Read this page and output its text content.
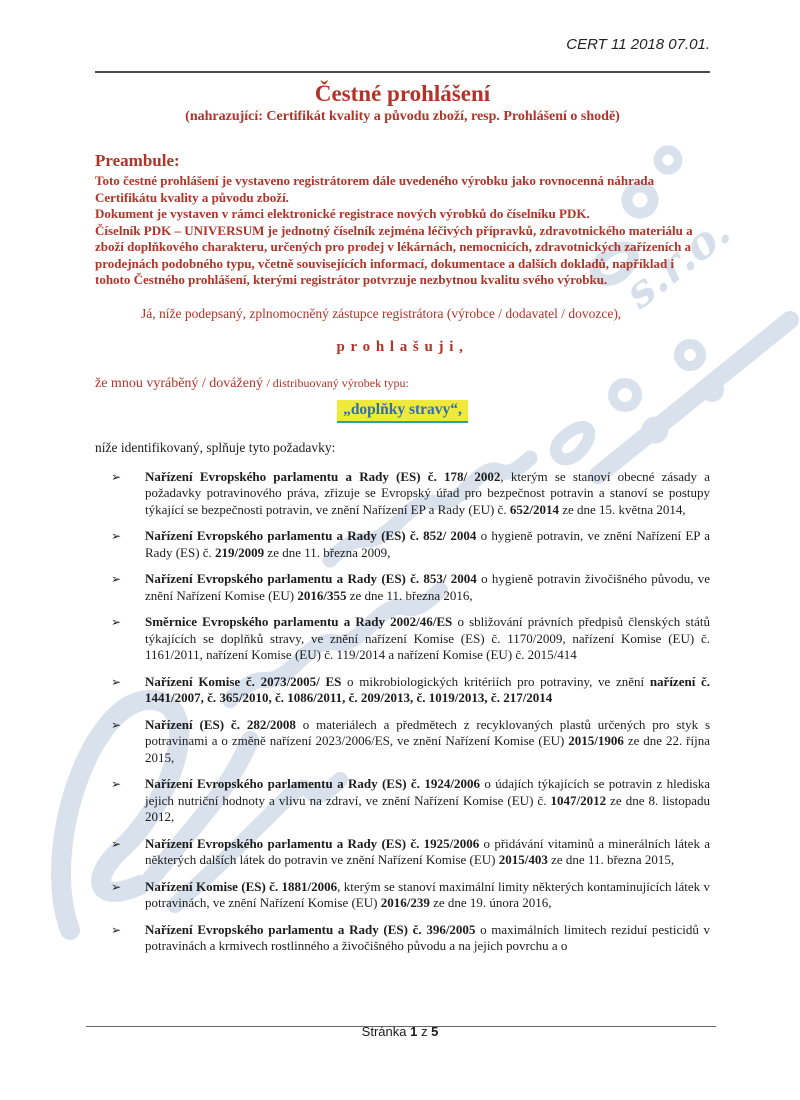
s.r.o.
CERT 11 2018 07.01.
Čestné prohlášení
(nahrazující: Certifikát kvality a původu zboží, resp. Prohlášení o shodě)
Preambule:

Toto čestné prohlášení je vystaveno registrátorem dále uvedeného výrobku jako rovnocenná náhrada Certifikátu kvality a původu zboží.

Dokument je vystaven v rámci elektronické registrace nových výrobků do číselníku PDK.

Číselník PDK – UNIVERSUM je jednotný číselník zejména léčivých přípravků, zdravotnického materiálu a zboží doplňkového charakteru, určených pro prodej v lékárnách, nemocnicích, zdravotnických zařízeních a prodejnách podobného typu, včetně souvisejících informací, dokumentace a dalších dokladů, například i tohoto Čestného prohlášení, kterými registrátor potvrzuje nezbytnou kvalitu svého výrobku.

Já, níže podepsaný, zplnomocněný zástupce registrátora (výrobce / dodavatel / dovozce),
prohlašuji,
že mnou vyráběný / dovážený / distribuovaný výrobek typu:
„doplňky stravy“,
níže identifikovaný, splňuje tyto požadavky:
➢	Nařízení Evropského parlamentu a Rady (ES) č. 178/ 2002, kterým se stanoví obecné zásady a požadavky potravinového práva, zřizuje se Evropský úřad pro bezpečnost potravin a stanoví se postupy týkající se bezpečnosti potravin, ve znění Nařízení EP a Rady (EU) č. 652/2014 ze dne 15. května 2014,
➢	Nařízení Evropského parlamentu a Rady (ES) č. 852/ 2004 o hygieně potravin, ve znění Nařízení EP a Rady (ES) č. 219/2009 ze dne 11. března 2009,
➢	Nařízení Evropského parlamentu a Rady (ES) č. 853/ 2004 o hygieně potravin živočišného původu, ve znění Nařízení Komise (EU) 2016/355 ze dne 11. března 2016,
➢	Směrnice Evropského parlamentu a Rady 2002/46/ES o sbližování právních předpisů členských států týkajících se doplňků stravy, ve znění nařízení Komise (ES) č. 1170/2009, nařízení Komise (EU) č. 1161/2011, nařízení Komise (EU) č. 119/2014 a nařízení Komise (EU) č. 2015/414
➢	Nařízení Komise č. 2073/2005/ ES o mikrobiologických kritériích pro potraviny, ve znění nařízení č. 1441/2007, č. 365/2010, č. 1086/2011, č. 209/2013, č. 1019/2013, č. 217/2014
➢	Nařízení (ES) č. 282/2008 o materiálech a předmětech z recyklovaných plastů určených pro styk s potravinami a o změně nařízení 2023/2006/ES, ve znění Nařízení Komise (EU) 2015/1906 ze dne 22. října 2015,
➢	Nařízení Evropského parlamentu a Rady (ES) č. 1924/2006 o údajích týkajících se potravin z hlediska jejich nutriční hodnoty a vlivu na zdraví, ve znění Nařízení Komise (EU) č. 1047/2012 ze dne 8. listopadu 2012,
➢	Nařízení Evropského parlamentu a Rady (ES) č. 1925/2006 o přidávání vitaminů a minerálních látek a některých dalších látek do potravin ve znění Nařízení Komise (EU) 2015/403 ze dne 11. března 2015,
➢	Nařízení Komise (ES) č. 1881/2006, kterým se stanoví maximální limity některých kontaminujících látek v potravinách, ve znění Nařízení Komise (EU) 2016/239 ze dne 19. února 2016,
➢	Nařízení Evropského parlamentu a Rady (ES) č. 396/2005 o maximálních limitech reziduí pesticidů v potravinách a krmivech rostlinného a živočišného původu a na jejich povrchu a o
Stránka 1 z 5
